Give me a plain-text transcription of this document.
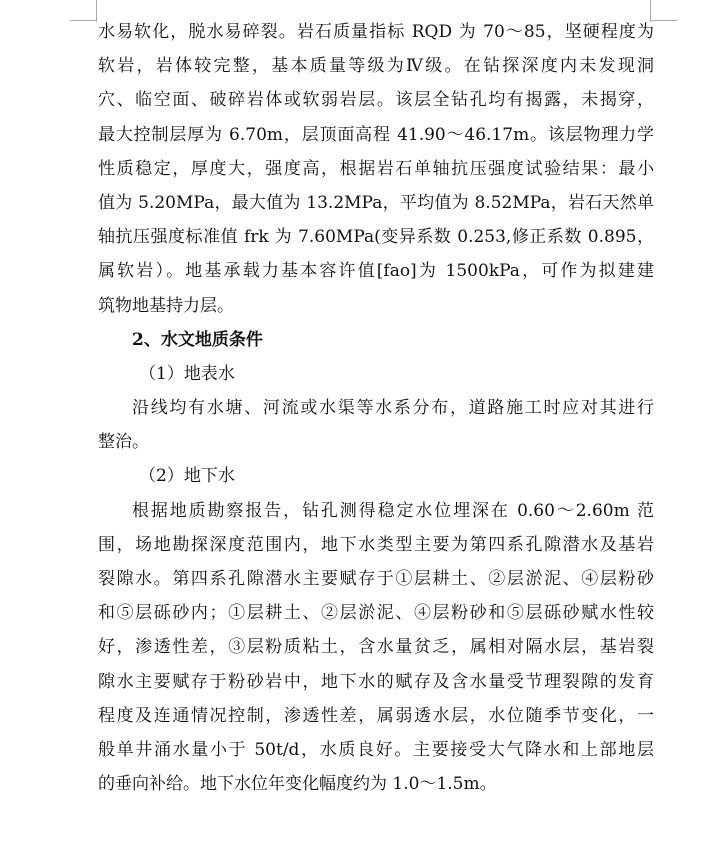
水易软化，脱水易碎裂。岩石质量指标 RQD 为 70～85，坚硬程度为
软岩，岩体较完整，基本质量等级为Ⅳ级。在钻探深度内未发现洞
穴、临空面、破碎岩体或软弱岩层。该层全钻孔均有揭露，未揭穿，
最大控制层厚为 6.70m，层顶面高程 41.90～46.17m。该层物理力学
性质稳定，厚度大，强度高，根据岩石单轴抗压强度试验结果：最小
值为 5.20MPa，最大值为 13.2MPa，平均值为 8.52MPa，岩石天然单
轴抗压强度标准值 frk 为 7.60MPa(变异系数 0.253,修正系数 0.895，
属软岩）。地基承载力基本容许值[fao]为 1500kPa，可作为拟建建
筑物地基持力层。
2、水文地质条件
（1）地表水
沿线均有水塘、河流或水渠等水系分布，道路施工时应对其进行
整治。
（2）地下水
根据地质勘察报告，钻孔测得稳定水位埋深在 0.60～2.60m 范
围，场地勘探深度范围内，地下水类型主要为第四系孔隙潜水及基岩
裂隙水。第四系孔隙潜水主要赋存于①层耕土、②层淤泥、④层粉砂
和⑤层砾砂内；①层耕土、②层淤泥、④层粉砂和⑤层砾砂赋水性较
好，渗透性差，③层粉质粘土，含水量贫乏，属相对隔水层，基岩裂
隙水主要赋存于粉砂岩中，地下水的赋存及含水量受节理裂隙的发育
程度及连通情况控制，渗透性差，属弱透水层，水位随季节变化，一
般单井涌水量小于 50t/d，水质良好。主要接受大气降水和上部地层
的垂向补给。地下水位年变化幅度约为 1.0～1.5m。
